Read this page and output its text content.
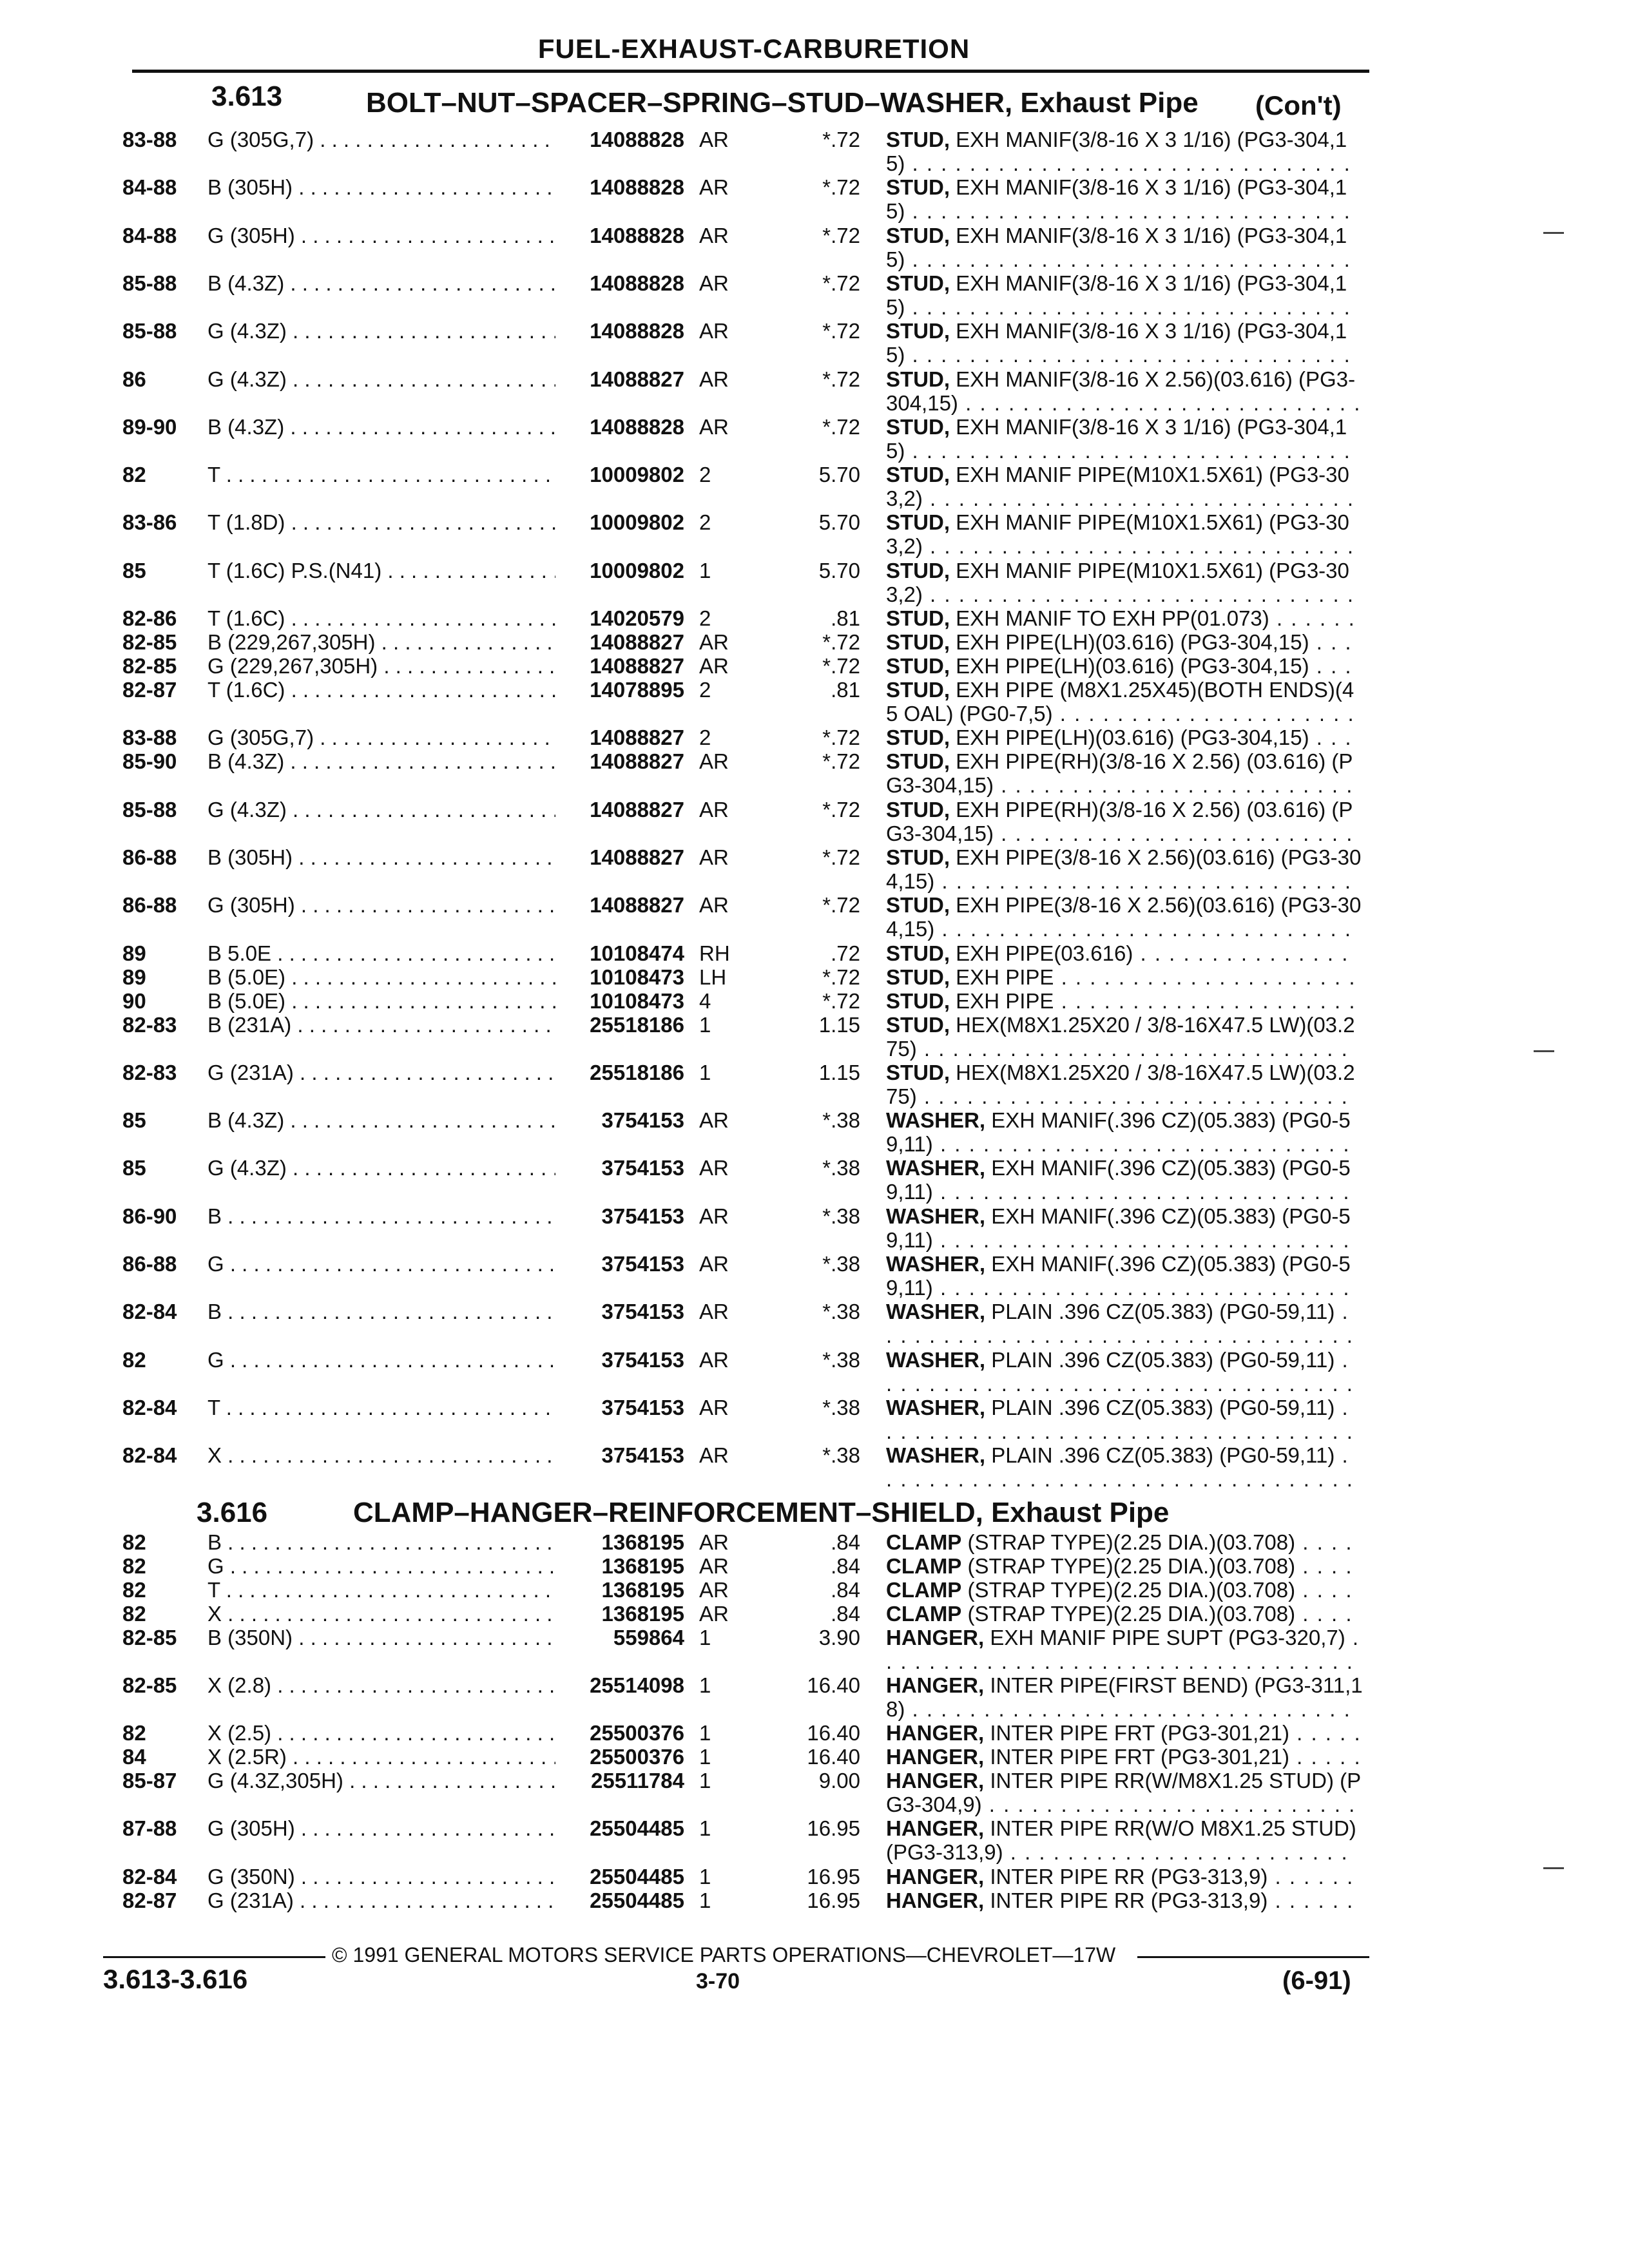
FUEL-EXHAUST-CARBURETION
3.613	BOLT–NUT–SPACER–SPRING–STUD–WASHER, Exhaust Pipe (Con't)
83-88 G (305G,7) . . .	14088828 AR	*.72 STUD, EXH MANIF(3/8-16 X 3 1/16) (PG3-304,15) . . . . . . . . . . . . . . . . . . . . . . . . . . . . . . .
84-88 B (305H) . . .	14088828 AR	*.72 STUD, EXH MANIF(3/8-16 X 3 1/16) (PG3-304,15) . . . . . . . . . . . . . . . . . . . . . . . . . . . . . . .
84-88 G (305H) . . .	14088828 AR	*.72 STUD, EXH MANIF(3/8-16 X 3 1/16) (PG3-304,15) . . . . . . . . . . . . . . . . . . . . . . . . . . . . . . .
85-88 B (4.3Z) . . .	14088828 AR	*.72 STUD, EXH MANIF(3/8-16 X 3 1/16) (PG3-304,15) . . . . . . . . . . . . . . . . . . . . . . . . . . . . . . .
85-88 G (4.3Z) . . .	14088828 AR	*.72 STUD, EXH MANIF(3/8-16 X 3 1/16) (PG3-304,15) . . . . . . . . . . . . . . . . . . . . . . . . . . . . . . .
86	G (4.3Z) . . .	14088827 AR	*.72 STUD, EXH MANIF(3/8-16 X 2.56)(03.616) (PG3-304,15) . . . . . . . . . . . . . . . . . . . . . . . . . . . .
89-90 B (4.3Z) . . .	14088828 AR	*.72 STUD, EXH MANIF(3/8-16 X 3 1/16) (PG3-304,15) . . . . . . . . . . . . . . . . . . . . . . . . . . . . . . .
82	T . . .	10009802 2	5.70 STUD, EXH MANIF PIPE(M10X1.5X61) (PG3-303,2) . . . . . . . . . . . . . . . . . . . . . . . . . . . . . .
83-86 T (1.8D) . . .	10009802 2	5.70 STUD, EXH MANIF PIPE(M10X1.5X61) (PG3-303,2) . . . . . . . . . . . . . . . . . . . . . . . . . . . . . .
85	T (1.6C) P.S.(N41) . . .	10009802 1	5.70 STUD, EXH MANIF PIPE(M10X1.5X61) (PG3-303,2) . . . . . . . . . . . . . . . . . . . . . . . . . . . . . .
82-86 T (1.6C) . . .	14020579 2	.81 STUD, EXH MANIF TO EXH PP(01.073) . . . . . .
82-85 B (229,267,305H) . . .	14088827 AR	*.72 STUD, EXH PIPE(LH)(03.616) (PG3-304,15) . . .
82-85 G (229,267,305H) . . .	14088827 AR	*.72 STUD, EXH PIPE(LH)(03.616) (PG3-304,15) . . .
82-87 T (1.6C) . . .	14078895 2	.81 STUD, EXH PIPE (M8X1.25X45)(BOTH ENDS)(45 OAL) (PG0-7,5) . . . . . . . . . . . . . . . . . . . . .
83-88 G (305G,7) . . .	14088827 2	*.72 STUD, EXH PIPE(LH)(03.616) (PG3-304,15) . . .
85-90 B (4.3Z) . . .	14088827 AR	*.72 STUD, EXH PIPE(RH)(3/8-16 X 2.56) (03.616) (PG3-304,15) . . . . . . . . . . . . . . . . . . . . . . . . .
85-88 G (4.3Z) . . .	14088827 AR	*.72 STUD, EXH PIPE(RH)(3/8-16 X 2.56) (03.616) (PG3-304,15) . . . . . . . . . . . . . . . . . . . . . . . . .
86-88 B (305H) . . .	14088827 AR	*.72 STUD, EXH PIPE(3/8-16 X 2.56)(03.616) (PG3-304,15) . . . . . . . . . . . . . . . . . . . . . . . . . . . . .
86-88 G (305H) . . .	14088827 AR	*.72 STUD, EXH PIPE(3/8-16 X 2.56)(03.616) (PG3-304,15) . . . . . . . . . . . . . . . . . . . . . . . . . . . . .
89	B 5.0E . . .	10108474 RH	.72 STUD, EXH PIPE(03.616) . . . . . . . . . . . . . . .
89	B (5.0E) . . .	10108473 LH	*.72 STUD, EXH PIPE . . . . . . . . . . . . . . . . . . . . .
90	B (5.0E) . . .	10108473 4	*.72 STUD, EXH PIPE . . . . . . . . . . . . . . . . . . . . .
82-83 B (231A) . . .	25518186 1	1.15 STUD, HEX(M8X1.25X20 / 3/8-16X47.5 LW)(03.275) . . . . . . . . . . . . . . . . . . . . . . . . . . . . . .
82-83 G (231A) . . .	25518186 1	1.15 STUD, HEX(M8X1.25X20 / 3/8-16X47.5 LW)(03.275) . . . . . . . . . . . . . . . . . . . . . . . . . . . . . .
85	B (4.3Z) . . .	3754153 AR	*.38 WASHER, EXH MANIF(.396 CZ)(05.383) (PG0-59,11) . . . . . . . . . . . . . . . . . . . . . . . . . . . . .
85	G (4.3Z) . . .	3754153 AR	*.38 WASHER, EXH MANIF(.396 CZ)(05.383) (PG0-59,11) . . . . . . . . . . . . . . . . . . . . . . . . . . . . .
86-90 B . . .	3754153 AR	*.38 WASHER, EXH MANIF(.396 CZ)(05.383) (PG0-59,11) . . . . . . . . . . . . . . . . . . . . . . . . . . . . .
86-88 G . . .	3754153 AR	*.38 WASHER, EXH MANIF(.396 CZ)(05.383) (PG0-59,11) . . . . . . . . . . . . . . . . . . . . . . . . . . . . .
82-84 B . . .	3754153 AR	*.38 WASHER, PLAIN .396 CZ(05.383) (PG0-59,11) . . . . . . . . . . . . . . . . . . . . . . . . . . . . . . . . . .
82	G . . .	3754153 AR	*.38 WASHER, PLAIN .396 CZ(05.383) (PG0-59,11) . . . . . . . . . . . . . . . . . . . . . . . . . . . . . . . . . .
82-84 T . . .	3754153 AR	*.38 WASHER, PLAIN .396 CZ(05.383) (PG0-59,11) . . . . . . . . . . . . . . . . . . . . . . . . . . . . . . . . . .
82-84 X . . .	3754153 AR	*.38 WASHER, PLAIN .396 CZ(05.383) (PG0-59,11) . . . . . . . . . . . . . . . . . . . . . . . . . . . . . . . . . .
3.616	CLAMP–HANGER–REINFORCEMENT–SHIELD, Exhaust Pipe
82	B . . .	1368195 AR	.84 CLAMP (STRAP TYPE)(2.25 DIA.)(03.708) . . . .
82	G . . .	1368195 AR	.84 CLAMP (STRAP TYPE)(2.25 DIA.)(03.708) . . . .
82	T . . .	1368195 AR	.84 CLAMP (STRAP TYPE)(2.25 DIA.)(03.708) . . . .
82	X . . .	1368195 AR	.84 CLAMP (STRAP TYPE)(2.25 DIA.)(03.708) . . . .
82-85 B (350N) . . .	559864 1	3.90 HANGER, EXH MANIF PIPE SUPT (PG3-320,7) . . . . . . . . . . . . . . . . . . . . . . . . . . . . . . . . . .
82-85 X (2.8) . . .	25514098 1	16.40 HANGER, INTER PIPE(FIRST BEND) (PG3-311,18) . . . . . . . . . . . . . . . . . . . . . . . . . . . . . . .
82	X (2.5) . . .	25500376 1	16.40 HANGER, INTER PIPE FRT (PG3-301,21) . . . . .
84	X (2.5R) . . .	25500376 1	16.40 HANGER, INTER PIPE FRT (PG3-301,21) . . . . .
85-87 G (4.3Z,305H) . . .	25511784 1	9.00 HANGER, INTER PIPE RR(W/M8X1.25 STUD) (PG3-304,9) . . . . . . . . . . . . . . . . . . . . . . . . . .
87-88 G (305H) . . .	25504485 1	16.95 HANGER, INTER PIPE RR(W/O M8X1.25 STUD) (PG3-313,9) . . . . . . . . . . . . . . . . . . . . . . . .
82-84 G (350N) . . .	25504485 1	16.95 HANGER, INTER PIPE RR (PG3-313,9) . . . . . .
82-87 G (231A) . . .	25504485 1	16.95 HANGER, INTER PIPE RR (PG3-313,9) . . . . . .
© 1991 GENERAL MOTORS SERVICE PARTS OPERATIONS—CHEVROLET—17W
3.613-3.616	3-70	(6-91)
